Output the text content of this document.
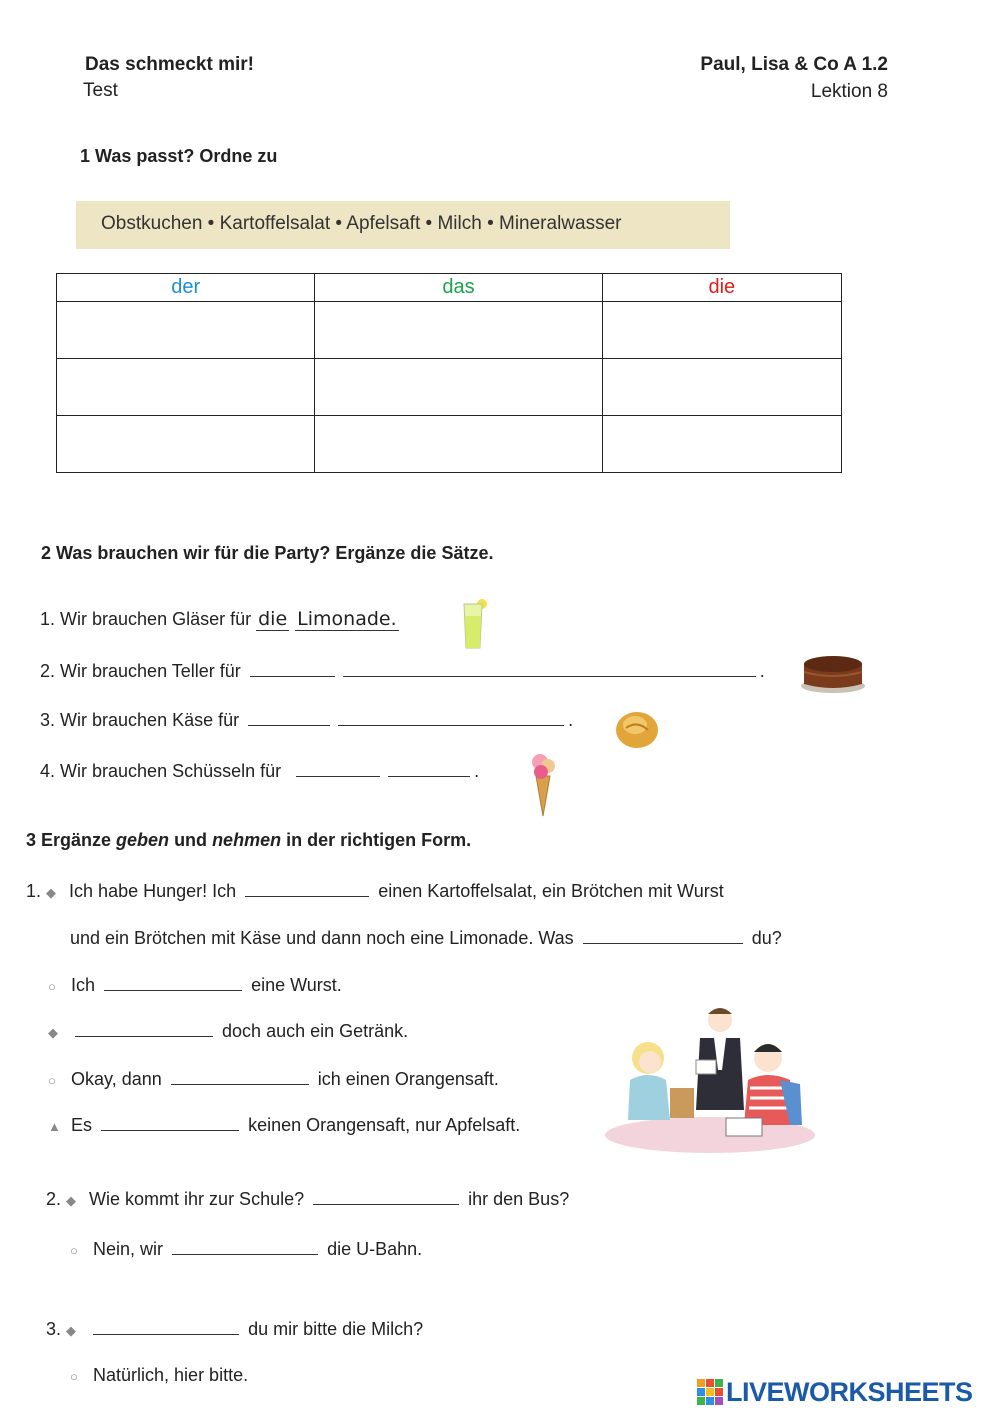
Das schmeckt mir!
Test
Paul, Lisa & Co A 1.2
Lektion 8
1 Was passt? Ordne zu
Obstkuchen • Kartoffelsalat • Apfelsaft • Milch • Mineralwasser
der	das	die

2 Was brauchen wir für die Party? Ergänze die Sätze.
1. Wir brauchen Gläser für die Limonade.
2. Wir brauchen Teller für	.
3. Wir brauchen Käse für	.
4. Wir brauchen Schüsseln für	.
3 Ergänze geben und nehmen in der richtigen Form.
1. ◆ Ich habe Hunger! Ich	einen Kartoffelsalat, ein Brötchen mit Wurst
und ein Brötchen mit Käse und dann noch eine Limonade. Was	du?
○ Ich	eine Wurst.
◆	doch auch ein Getränk.
○ Okay, dann	ich einen Orangensaft.
▲ Es	keinen Orangensaft, nur Apfelsaft.
2. ◆ Wie kommt ihr zur Schule?	ihr den Bus?
○ Nein, wir	die U-Bahn.
3. ◆	du mir bitte die Milch?
○ Natürlich, hier bitte.
LIVEWORKSHEETS
